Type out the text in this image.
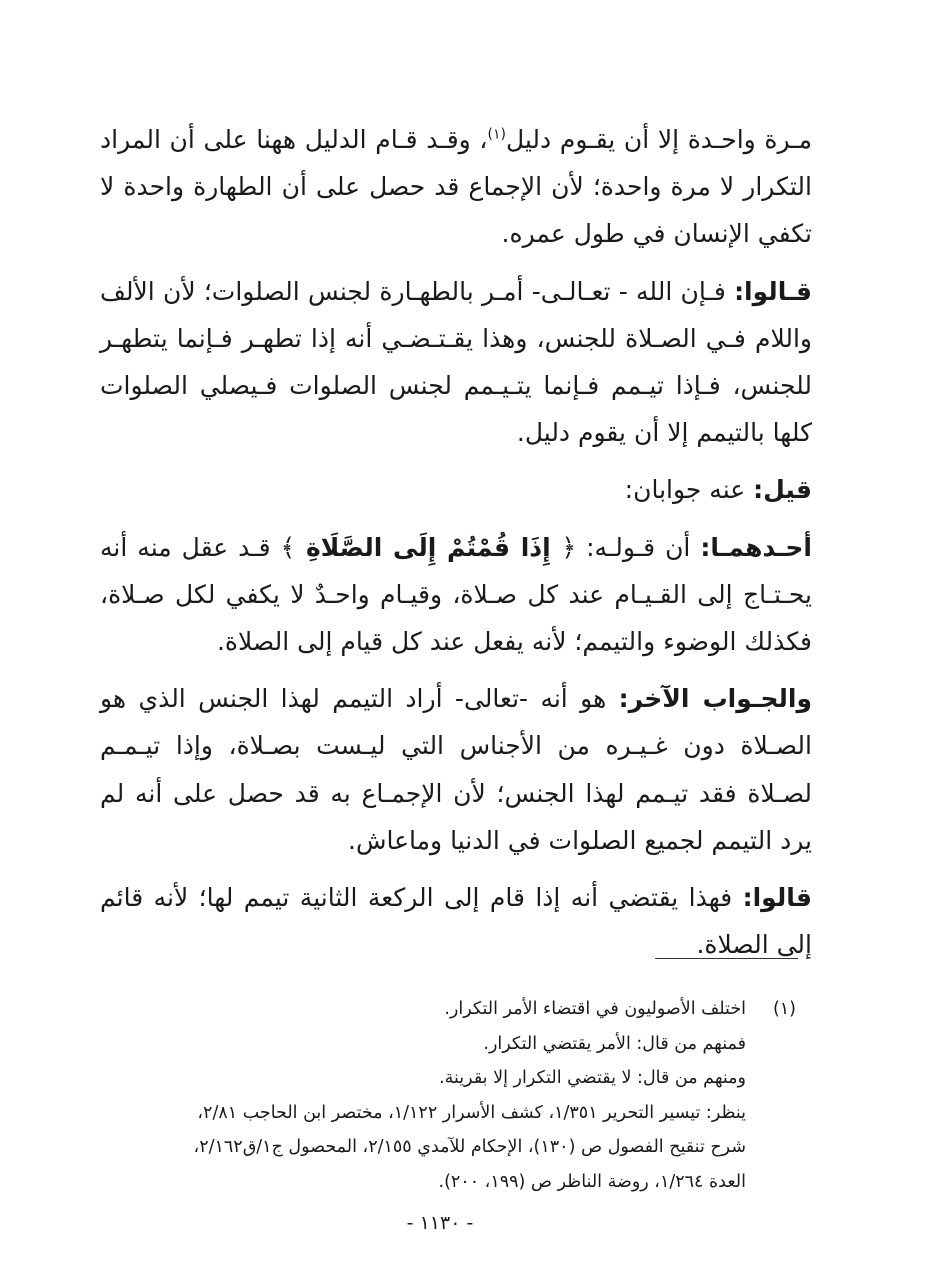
مـرة واحـدة إلا أن يقـوم دليل$^{(١)}$، وقـد قـام الدليل ههنا على أن المراد التكرار لا مرة واحدة؛ لأن الإجماع قد حصل على أن الطهارة واحدة لا تكفي الإنسان في طول عمره.

قـالوا: فـإن الله - تعـالـى- أمـر بالطهـارة لجنس الصلوات؛ لأن الألف واللام فـي الصـلاة للجنس، وهذا يقـتـضـي أنه إذا تطهـر فـإنما يتطهـر للجنس، فـإذا تيـمم فـإنما يتـيـمم لجنس الصلوات فـيصلي الصلوات كلها بالتيمم إلا أن يقوم دليل.

قيل: عنه جوابان:

أحـدهمـا: أن قـولـه: ﴿ إِذَا قُمْتُمْ إِلَى الصَّلَاةِ ﴾ قـد عقل منه أنه يحـتـاج إلى القـيـام عند كل صـلاة، وقيـام واحـدٌ لا يكفي لكل صـلاة، فكذلك الوضوء والتيمم؛ لأنه يفعل عند كل قيام إلى الصلاة.

والجـواب الآخر: هو أنه -تعالى- أراد التيمم لهذا الجنس الذي هو الصـلاة دون غـيـره من الأجناس التي ليـست بصـلاة، وإذا تيـمـم لصـلاة فقد تيـمم لهذا الجنس؛ لأن الإجمـاع به قد حصل على أنه لم يرد التيمم لجميع الصلوات في الدنيا وماعاش.

قالوا: فهذا يقتضي أنه إذا قام إلى الركعة الثانية تيمم لها؛ لأنه قائم إلى الصلاة.

(١)
اختلف الأصوليون في اقتضاء الأمر التكرار.
فمنهم من قال: الأمر يقتضي التكرار.
ومنهم من قال: لا يقتضي التكرار إلا بقرينة.
ينظر: تيسير التحرير ١/٣٥١، كشف الأسرار ١/١٢٢، مختصر ابن الحاجب ٢/٨١،
شرح تنقيح الفصول ص (١٣٠)، الإحكام للآمدي ٢/١٥٥، المحصول ج١/ق٢/١٦٢،
العدة ١/٢٦٤، روضة الناظر ص (١٩٩، ٢٠٠).
- ١١٣٠ -
